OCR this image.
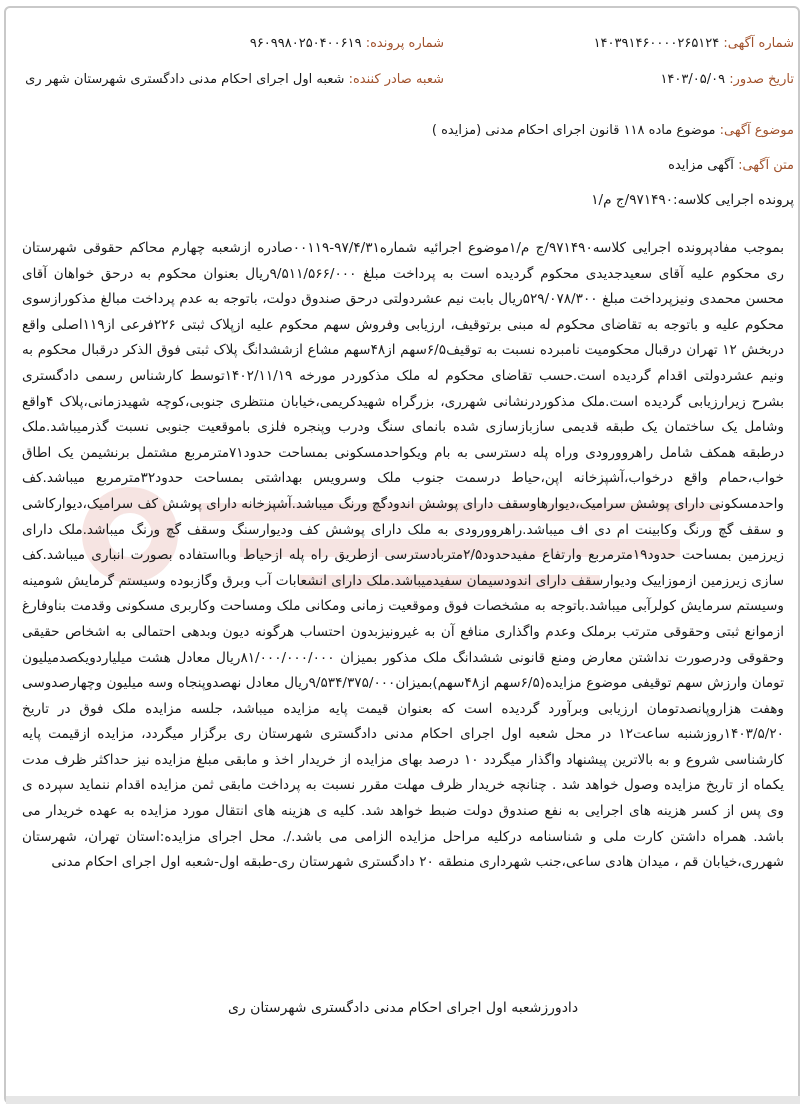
شماره آگهی: ۱۴۰۳۹۱۴۶۰۰۰۰۲۶۵۱۲۴
شماره پرونده: ۹۶۰۹۹۸۰۲۵۰۴۰۰۶۱۹
تاریخ صدور: ۱۴۰۳/۰۵/۰۹
شعبه صادر کننده: شعبه اول اجرای احکام مدنی دادگستری شهرستان شهر ری
موضوع آگهی: موضوع ماده ۱۱۸ قانون اجرای احکام مدنی (مزایده )
متن آگهی: آگهی مزایده
پرونده اجرایی کلاسه:۹۷۱۴۹۰/ج م/۱
بموجب مفادپرونده اجرایی کلاسه۹۷۱۴۹۰/ج م/۱موضوع اجرائیه شماره۹۷/۴/۳۱-۰۰۱۱۹صادره ازشعبه چهارم محاکم حقوقی شهرستان ری محکوم علیه آقای سعیدجدیدی محکوم گردیده است به پرداخت مبلغ ۹/۵۱۱/۵۶۶/۰۰۰ریال بعنوان محکوم به درحق خواهان آقای محسن محمدی ونیزپرداخت مبلغ ۵۲۹/۰۷۸/۳۰۰ریال بابت نیم عشردولتی درحق صندوق دولت، باتوجه به عدم پرداخت مبالغ مذکورازسوی محکوم علیه و باتوجه به تقاضای محکوم له مبنی برتوقیف، ارزیابی وفروش سهم محکوم علیه ازپلاک ثبتی ۲۲۶فرعی از۱۱۹اصلی واقع دربخش ۱۲ تهران درقبال محکومیت نامبرده نسبت به توقیف۶/۵سهم از۴۸سهم مشاع ازششدانگ پلاک ثبتی فوق الذکر درقبال محکوم به ونیم عشردولتی اقدام گردیده است.حسب تقاضای محکوم له ملک مذکوردر مورخه ۱۴۰۲/۱۱/۱۹توسط کارشناس رسمی دادگستری بشرح زیرارزیابی گردیده است.ملک مذکوردرنشانی شهرری، بزرگراه شهیدکریمی،خیابان منتظری جنوبی،کوچه شهیدزمانی،پلاک ۴واقع وشامل یک ساختمان یک طبقه قدیمی سازبازسازی شده بانمای سنگ ودرب وپنجره فلزی باموقعیت جنوبی نسبت گذرمیباشد.ملک درطبقه همکف شامل راهروورودی وراه پله دسترسی به بام ویکواحدمسکونی بمساحت حدود۷۱مترمربع مشتمل برنشیمن یک اطاق خواب،حمام واقع درخواب،آشپزخانه اپن،حیاط درسمت جنوب ملک وسرویس بهداشتی بمساحت حدود۳۲مترمربع میباشد.کف واحدمسکونی دارای پوشش سرامیک،دیوارهاوسقف دارای پوشش اندودگچ ورنگ میباشد.آشپزخانه دارای پوشش کف سرامیک،دیوارکاشی و سقف گچ ورنگ وکابینت ام دی اف میباشد.راهروورودی به ملک دارای پوشش کف ودیوارسنگ وسقف گچ ورنگ میباشد.ملک دارای زیرزمین بمساحت حدود۱۹مترمربع وارتفاع مفیدحدود۲/۵متربادسترسی ازطریق راه پله ازحیاط وبااستفاده بصورت انباری میباشد.کف سازی زیرزمین ازموزاییک ودیوارسقف دارای اندودسیمان سفیدمیباشد.ملک دارای انشعابات آب وبرق وگازبوده وسیستم گرمایش شومینه وسیستم سرمایش کولرآبی میباشد.باتوجه به مشخصات فوق وموقعیت زمانی ومکانی ملک ومساحت وکاربری مسکونی وقدمت بناوفارغ ازموانع ثبتی وحقوقی مترتب برملک وعدم واگذاری منافع آن به غیرونیزبدون احتساب هرگونه دیون وبدهی احتمالی به اشخاص حقیقی وحقوقی ودرصورت نداشتن معارض ومنع قانونی ششدانگ ملک مذکور بمیزان ۸۱/۰۰۰/۰۰۰/۰۰۰ریال معادل هشت میلیاردویکصدمیلیون تومان وارزش سهم توقیفی موضوع مزایده(۶/۵سهم از۴۸سهم)بمیزان۹/۵۳۴/۳۷۵/۰۰۰ریال معادل نهصدوپنجاه وسه میلیون وچهارصدوسی وهفت هزاروپانصدتومان ارزیابی وبرآورد گردیده است که بعنوان قیمت پایه مزایده میباشد، جلسه مزایده ملک فوق در تاریخ ۱۴۰۳/۵/۲۰روزشنبه ساعت۱۲ در محل شعبه اول اجرای احکام مدنی دادگستری شهرستان ری برگزار میگردد، مزایده ازقیمت پایه کارشناسی شروع و به بالاترین پیشنهاد واگذار میگردد ۱۰ درصد بهای مزایده از خریدار اخذ و مابقی مبلغ مزایده نیز حداکثر ظرف مدت یکماه از تاریخ مزایده وصول خواهد شد . چنانچه خریدار ظرف مهلت مقرر نسبت به پرداخت مابقی ثمن مزایده اقدام ننماید سپرده ی وی پس از کسر هزینه های اجرایی به نفع صندوق دولت ضبط خواهد شد. کلیه ی هزینه های انتقال مورد مزایده به عهده خریدار می باشد. همراه داشتن کارت ملی و شناسنامه درکلیه مراحل مزایده الزامی می باشد./. محل اجرای مزایده:استان تهران، شهرستان شهرری،خیابان قم ، میدان هادی ساعی،جنب شهرداری منطقه ۲۰ دادگستری شهرستان ری-طبقه اول-شعبه اول اجرای احکام مدنی
دادورزشعبه اول اجرای احکام مدنی دادگستری شهرستان ری
